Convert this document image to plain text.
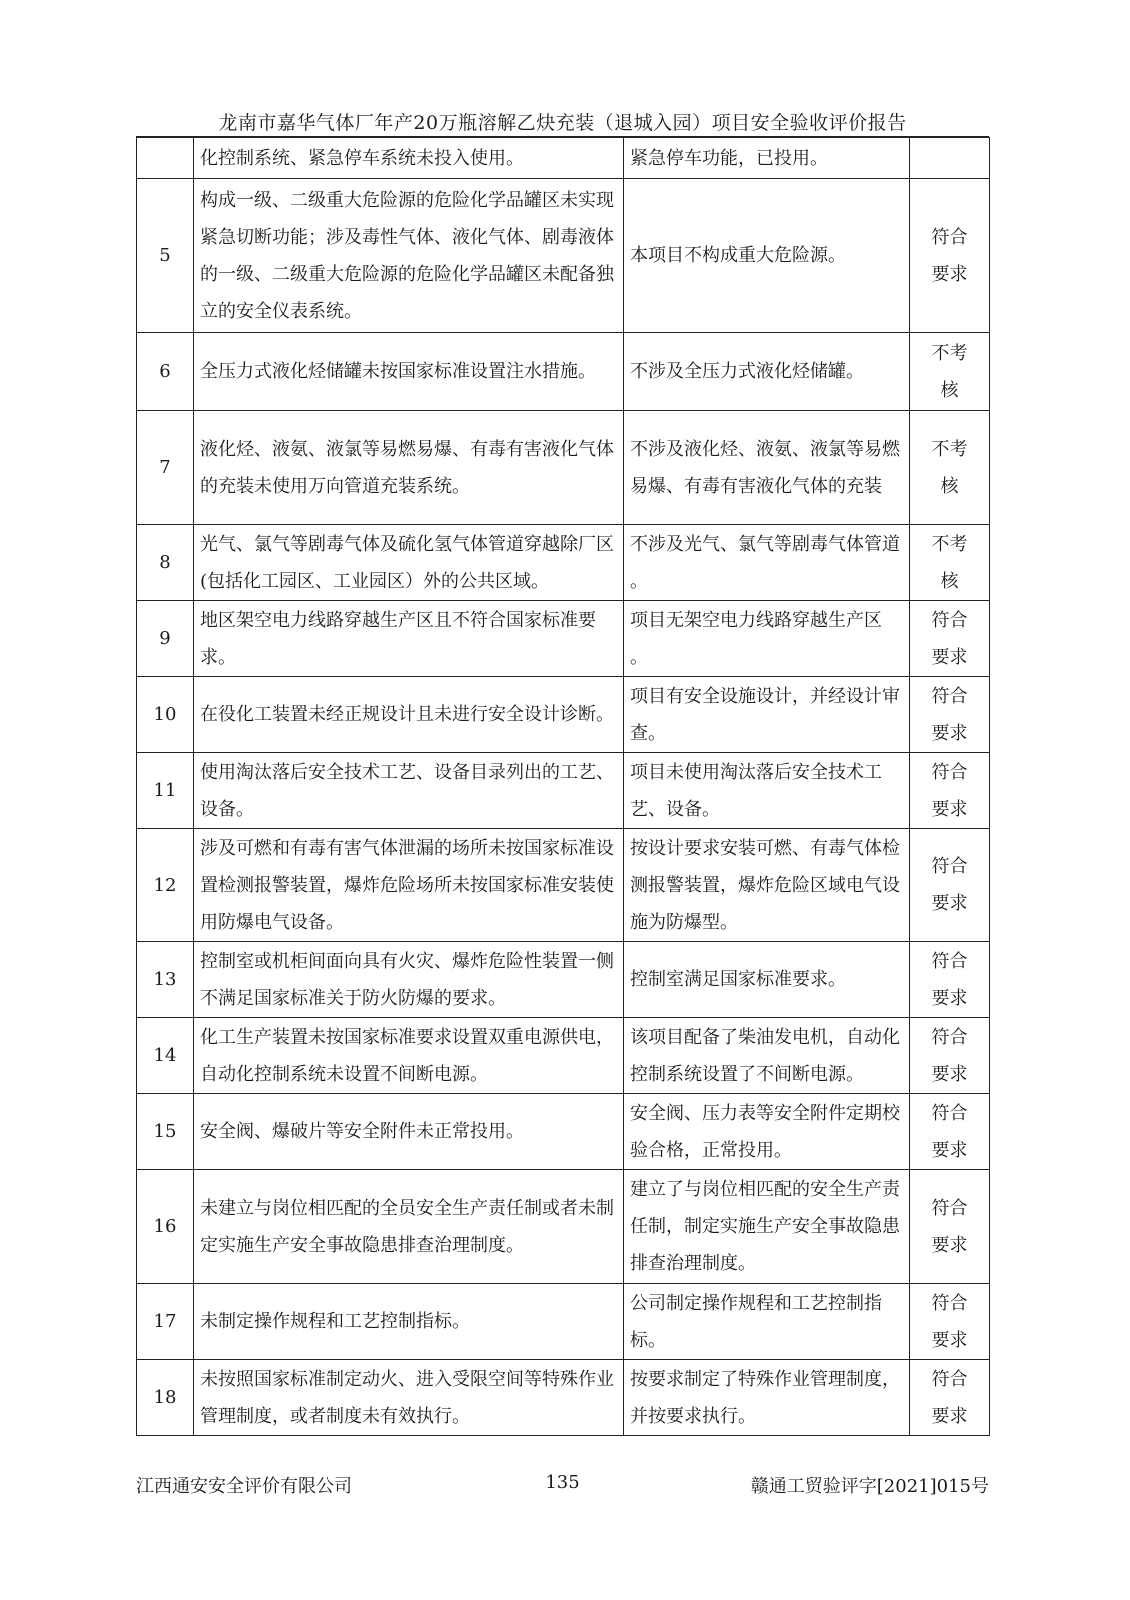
龙南市嘉华气体厂年产20万瓶溶解乙炔充装（退城入园）项目安全验收评价报告
	化控制系统、紧急停车系统未投入使用。	紧急停车功能，已投用。	
5	构成一级、二级重大危险源的危险化学品罐区未实现紧急切断功能；涉及毒性气体、液化气体、剧毒液体的一级、二级重大危险源的危险化学品罐区未配备独立的安全仪表系统。	本项目不构成重大危险源。	符合
要求

6	全压力式液化烃储罐未按国家标准设置注水措施。	不涉及全压力式液化烃储罐。	不考
核

7	液化烃、液氨、液氯等易燃易爆、有毒有害液化气体的充装未使用万向管道充装系统。	不涉及液化烃、液氨、液氯等易燃易爆、有毒有害液化气体的充装	不考
核

8	光气、氯气等剧毒气体及硫化氢气体管道穿越除厂区(包括化工园区、工业园区）外的公共区域。	不涉及光气、氯气等剧毒气体管道 。	不考
核

9	地区架空电力线路穿越生产区且不符合国家标准要求。	项目无架空电力线路穿越生产区 。	符合
要求

10	在役化工装置未经正规设计且未进行安全设计诊断。	项目有安全设施设计，并经设计审查。	符合
要求

11	使用淘汰落后安全技术工艺、设备目录列出的工艺、设备。	项目未使用淘汰落后安全技术工艺、设备。	符合
要求

12	涉及可燃和有毒有害气体泄漏的场所未按国家标准设置检测报警装置，爆炸危险场所未按国家标准安装使用防爆电气设备。	按设计要求安装可燃、有毒气体检测报警装置，爆炸危险区域电气设施为防爆型。	符合
要求

13	控制室或机柜间面向具有火灾、爆炸危险性装置一侧不满足国家标准关于防火防爆的要求。	控制室满足国家标准要求。	符合
要求

14	化工生产装置未按国家标准要求设置双重电源供电，自动化控制系统未设置不间断电源。	该项目配备了柴油发电机，自动化控制系统设置了不间断电源。	符合
要求

15	安全阀、爆破片等安全附件未正常投用。	安全阀、压力表等安全附件定期校验合格，正常投用。	符合
要求

16	未建立与岗位相匹配的全员安全生产责任制或者未制定实施生产安全事故隐患排查治理制度。	建立了与岗位相匹配的安全生产责任制，制定实施生产安全事故隐患排查治理制度。	符合
要求

17	未制定操作规程和工艺控制指标。	公司制定操作规程和工艺控制指标。	符合
要求

18	未按照国家标准制定动火、进入受限空间等特殊作业管理制度，或者制度未有效执行。	按要求制定了特殊作业管理制度，并按要求执行。	符合
要求
江西通安安全评价有限公司	135	赣通工贸验评字[2021]015号
